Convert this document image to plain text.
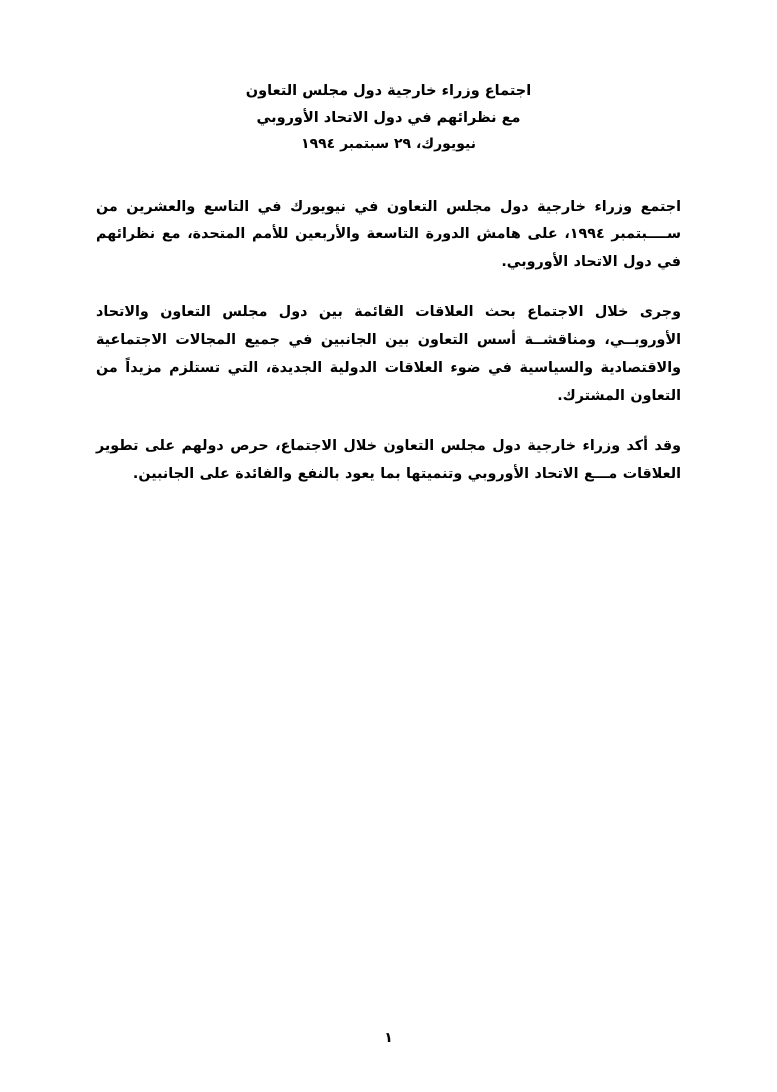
اجتماع وزراء خارجية دول مجلس التعاون
مع نظرائهم في دول الاتحاد الأوروبي
نيويورك، ٢٩ سبتمبر ١٩٩٤

اجتمع وزراء خارجية دول مجلس التعاون في نيويورك في التاسع والعشرين من ســــبتمبر ١٩٩٤، على هامش الدورة التاسعة والأربعين للأمم المتحدة، مع نظرائهم في دول الاتحاد الأوروبي.

وجرى خلال الاجتماع بحث العلاقات القائمة بين دول مجلس التعاون والاتحاد الأوروبــي، ومناقشــة أسس التعاون بين الجانبين في جميع المجالات الاجتماعية والاقتصادية والسياسية في ضوء العلاقات الدولية الجديدة، التي تستلزم مزيداً من التعاون المشترك.

وقد أكد وزراء خارجية دول مجلس التعاون خلال الاجتماع، حرص دولهم على تطوير العلاقات مـــع الاتحاد الأوروبي وتنميتها بما يعود بالنفع والفائدة على الجانبين.

١
